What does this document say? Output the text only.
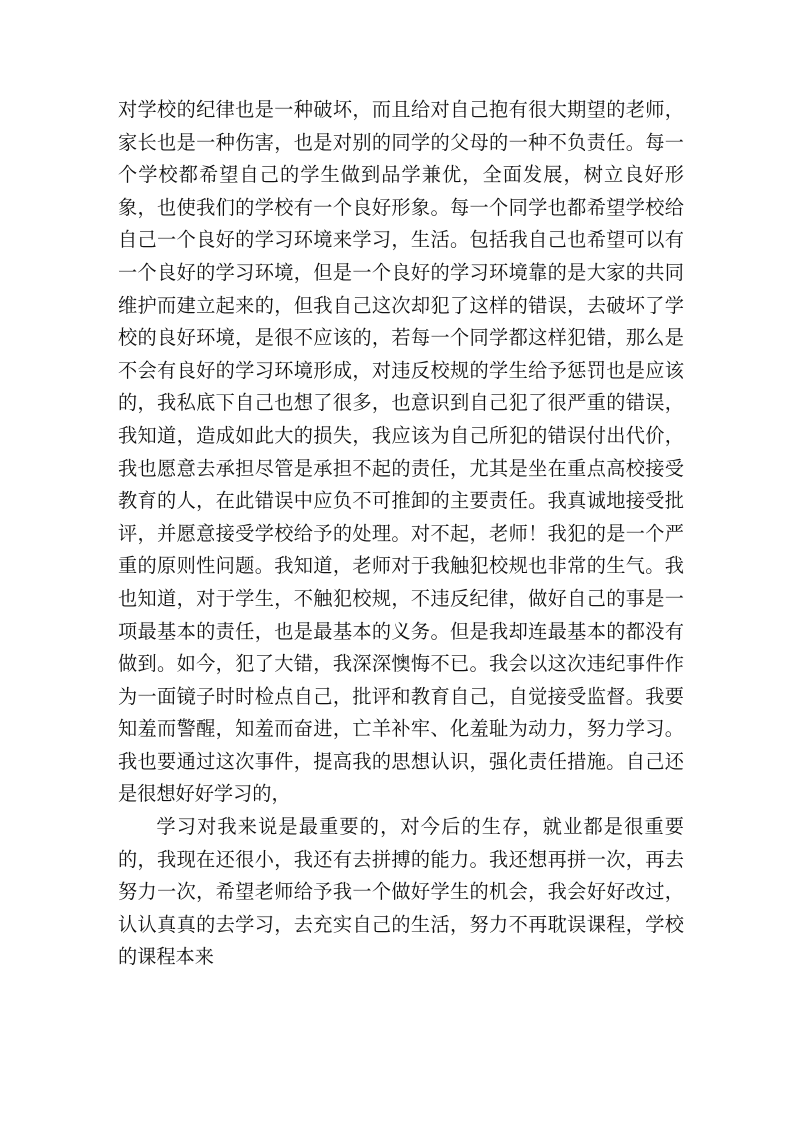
对学校的纪律也是一种破坏，而且给对自己抱有很大期望的老师，家长也是一种伤害，也是对别的同学的父母的一种不负责任。每一个学校都希望自己的学生做到品学兼优，全面发展，树立良好形象，也使我们的学校有一个良好形象。每一个同学也都希望学校给自己一个良好的学习环境来学习，生活。包括我自己也希望可以有一个良好的学习环境，但是一个良好的学习环境靠的是大家的共同维护而建立起来的，但我自己这次却犯了这样的错误，去破坏了学校的良好环境，是很不应该的，若每一个同学都这样犯错，那么是不会有良好的学习环境形成，对违反校规的学生给予惩罚也是应该的，我私底下自己也想了很多，也意识到自己犯了很严重的错误，我知道，造成如此大的损失，我应该为自己所犯的错误付出代价，我也愿意去承担尽管是承担不起的责任，尤其是坐在重点高校接受教育的人，在此错误中应负不可推卸的主要责任。我真诚地接受批评，并愿意接受学校给予的处理。对不起，老师！我犯的是一个严重的原则性问题。我知道，老师对于我触犯校规也非常的生气。我也知道，对于学生，不触犯校规，不违反纪律，做好自己的事是一项最基本的责任，也是最基本的义务。但是我却连最基本的都没有做到。如今，犯了大错，我深深懊悔不已。我会以这次违纪事件作为一面镜子时时检点自己，批评和教育自己，自觉接受监督。我要知羞而警醒，知羞而奋进，亡羊补牢、化羞耻为动力，努力学习。我也要通过这次事件，提高我的思想认识，强化责任措施。自己还是很想好好学习的，

学习对我来说是最重要的，对今后的生存，就业都是很重要的，我现在还很小，我还有去拼搏的能力。我还想再拼一次，再去努力一次，希望老师给予我一个做好学生的机会，我会好好改过，认认真真的去学习，去充实自己的生活，努力不再耽误课程，学校的课程本来
